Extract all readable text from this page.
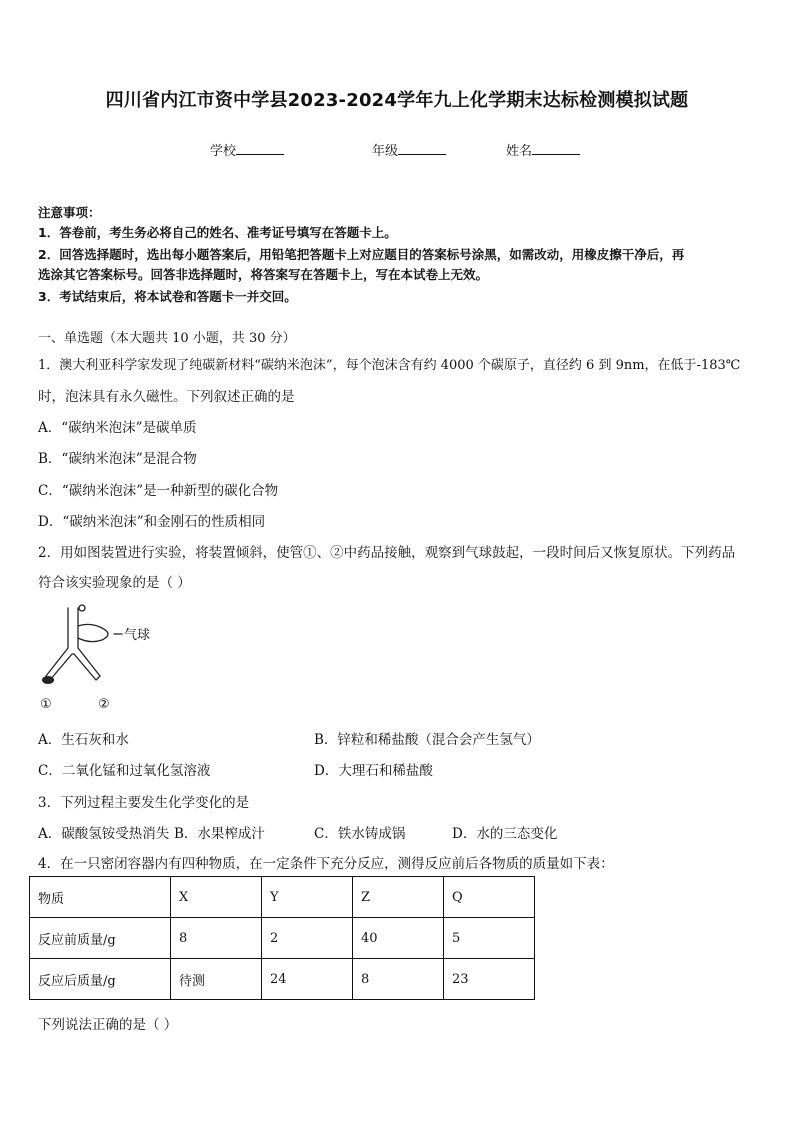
四川省内江市资中学县2023-2024学年九上化学期末达标检测模拟试题
学校	年级	姓名
注意事项：
1．答卷前，考生务必将自己的姓名、准考证号填写在答题卡上。
2．回答选择题时，选出每小题答案后，用铅笔把答题卡上对应题目的答案标号涂黑，如需改动，用橡皮擦干净后，再
选涂其它答案标号。回答非选择题时，将答案写在答题卡上，写在本试卷上无效。
3．考试结束后，将本试卷和答题卡一并交回。
一、单选题（本大题共 10 小题，共 30 分）
1．澳大利亚科学家发现了纯碳新材料“碳纳米泡沫”，每个泡沫含有约 4000 个碳原子，直径约 6 到 9nm，在低于-183℃
时，泡沫具有永久磁性。下列叙述正确的是
A．“碳纳米泡沫”是碳单质
B．“碳纳米泡沫”是混合物
C．“碳纳米泡沫”是一种新型的碳化合物
D．“碳纳米泡沫”和金刚石的性质相同
2．用如图装置进行实验，将装置倾斜，使管①、②中药品接触，观察到气球鼓起，一段时间后又恢复原状。下列药品
符合该实验现象的是（ ）
气球
①	②
A．生石灰和水	B．锌粒和稀盐酸（混合会产生氢气）
C．二氧化锰和过氧化氢溶液	D．大理石和稀盐酸
3．下列过程主要发生化学变化的是
A．碳酸氢铵受热消失 B．水果榨成汁	C．铁水铸成锅	D．水的三态变化
4．在一只密闭容器内有四种物质，在一定条件下充分反应，测得反应前后各物质的质量如下表：
物质	X	Y	Z	Q
反应前质量/g	8	2	40	5
反应后质量/g	待测	24	8	23
下列说法正确的是（ ）
